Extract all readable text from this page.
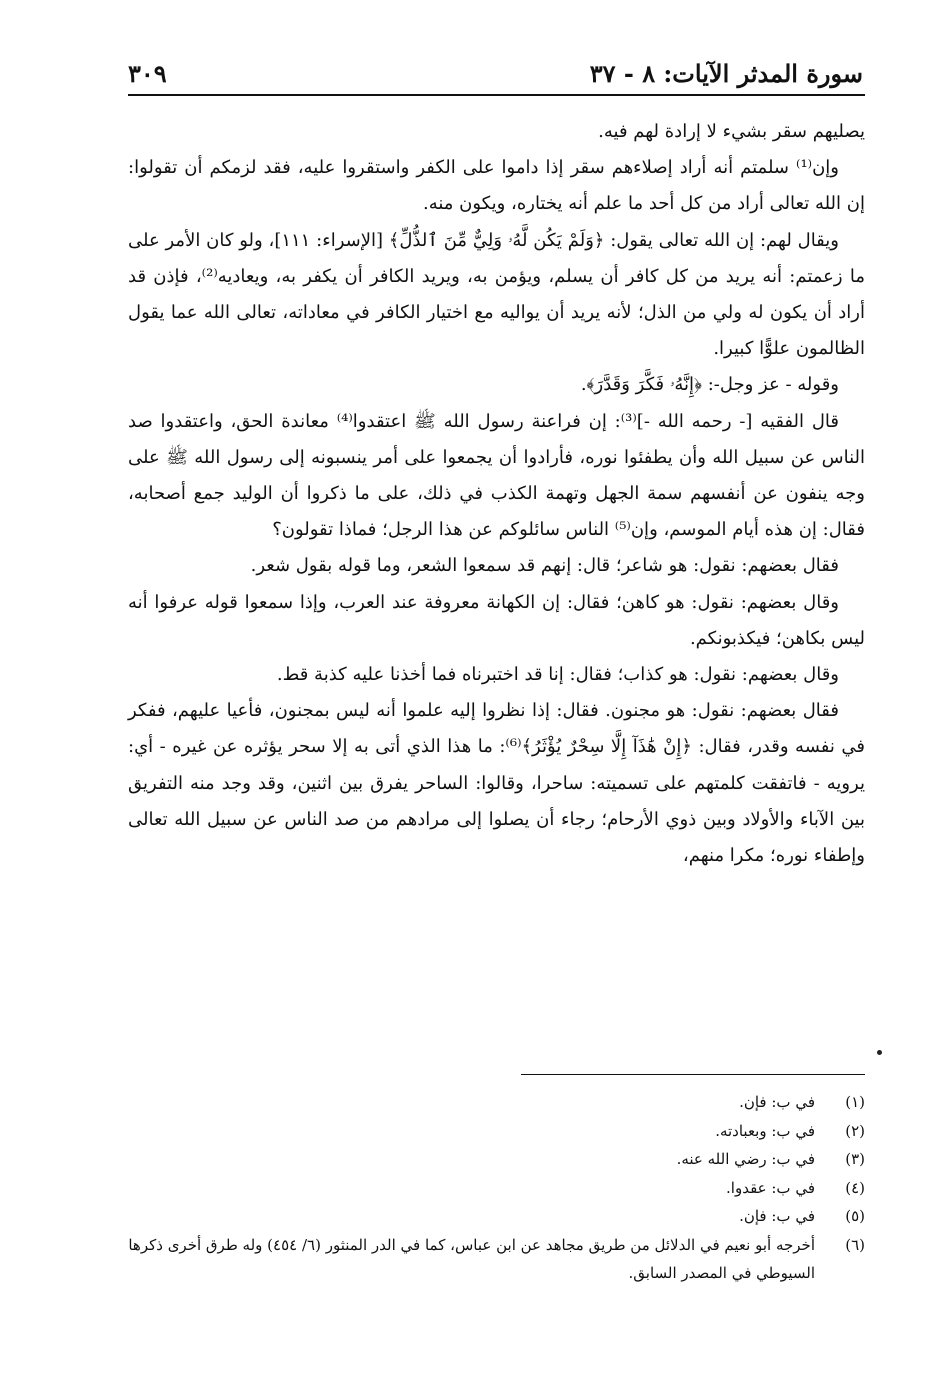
سورة المدثر الآيات: ٨ - ٣٧
٣٠٩

يصليهم سقر بشيء لا إرادة لهم فيه.

وإن⁽¹⁾ سلمتم أنه أراد إصلاءهم سقر إذا داموا على الكفر واستقروا عليه، فقد لزمكم أن تقولوا: إن الله تعالى أراد من كل أحد ما علم أنه يختاره، ويكون منه.

ويقال لهم: إن الله تعالى يقول: ﴿وَلَمْ يَكُن لَّهُۥ وَلِيٌّ مِّنَ ٱلذُّلِّ﴾ [الإسراء: ١١١]، ولو كان الأمر على ما زعمتم: أنه يريد من كل كافر أن يسلم، ويؤمن به، ويريد الكافر أن يكفر به، ويعاديه⁽²⁾، فإذن قد أراد أن يكون له ولي من الذل؛ لأنه يريد أن يواليه مع اختيار الكافر في معاداته، تعالى الله عما يقول الظالمون علوًّا كبيرا.

وقوله - عز وجل-: ﴿إِنَّهُۥ فَكَّرَ وَقَدَّرَ﴾.

قال الفقيه [- رحمه الله -]⁽³⁾: إن فراعنة رسول الله ﷺ اعتقدوا⁽⁴⁾ معاندة الحق، واعتقدوا صد الناس عن سبيل الله وأن يطفئوا نوره، فأرادوا أن يجمعوا على أمر ينسبونه إلى رسول الله ﷺ على وجه ينفون عن أنفسهم سمة الجهل وتهمة الكذب في ذلك، على ما ذكروا أن الوليد جمع أصحابه، فقال: إن هذه أيام الموسم، وإن⁽⁵⁾ الناس سائلوكم عن هذا الرجل؛ فماذا تقولون؟

فقال بعضهم: نقول: هو شاعر؛ قال: إنهم قد سمعوا الشعر، وما قوله بقول شعر.

وقال بعضهم: نقول: هو كاهن؛ فقال: إن الكهانة معروفة عند العرب، وإذا سمعوا قوله عرفوا أنه ليس بكاهن؛ فيكذبونكم.

وقال بعضهم: نقول: هو كذاب؛ فقال: إنا قد اختبرناه فما أخذنا عليه كذبة قط.

فقال بعضهم: نقول: هو مجنون. فقال: إذا نظروا إليه علموا أنه ليس بمجنون، فأعيا عليهم، ففكر في نفسه وقدر، فقال: ﴿إِنْ هَٰذَآ إِلَّا سِحْرٌ يُؤْثَرُ﴾⁽⁶⁾: ما هذا الذي أتى به إلا سحر يؤثره عن غيره - أي: يرويه - فاتفقت كلمتهم على تسميته: ساحرا، وقالوا: الساحر يفرق بين اثنين، وقد وجد منه التفريق بين الآباء والأولاد وبين ذوي الأرحام؛ رجاء أن يصلوا إلى مرادهم من صد الناس عن سبيل الله تعالى وإطفاء نوره؛ مكرا منهم،

(١)
في ب: فإن.
(٢)
في ب: وبعبادته.
(٣)
في ب: رضي الله عنه.
(٤)
في ب: عقدوا.
(٥)
في ب: فإن.
(٦)
أخرجه أبو نعيم في الدلائل من طريق مجاهد عن ابن عباس، كما في الدر المنثور (٦/ ٤٥٤) وله طرق أخرى ذكرها السيوطي في المصدر السابق.
